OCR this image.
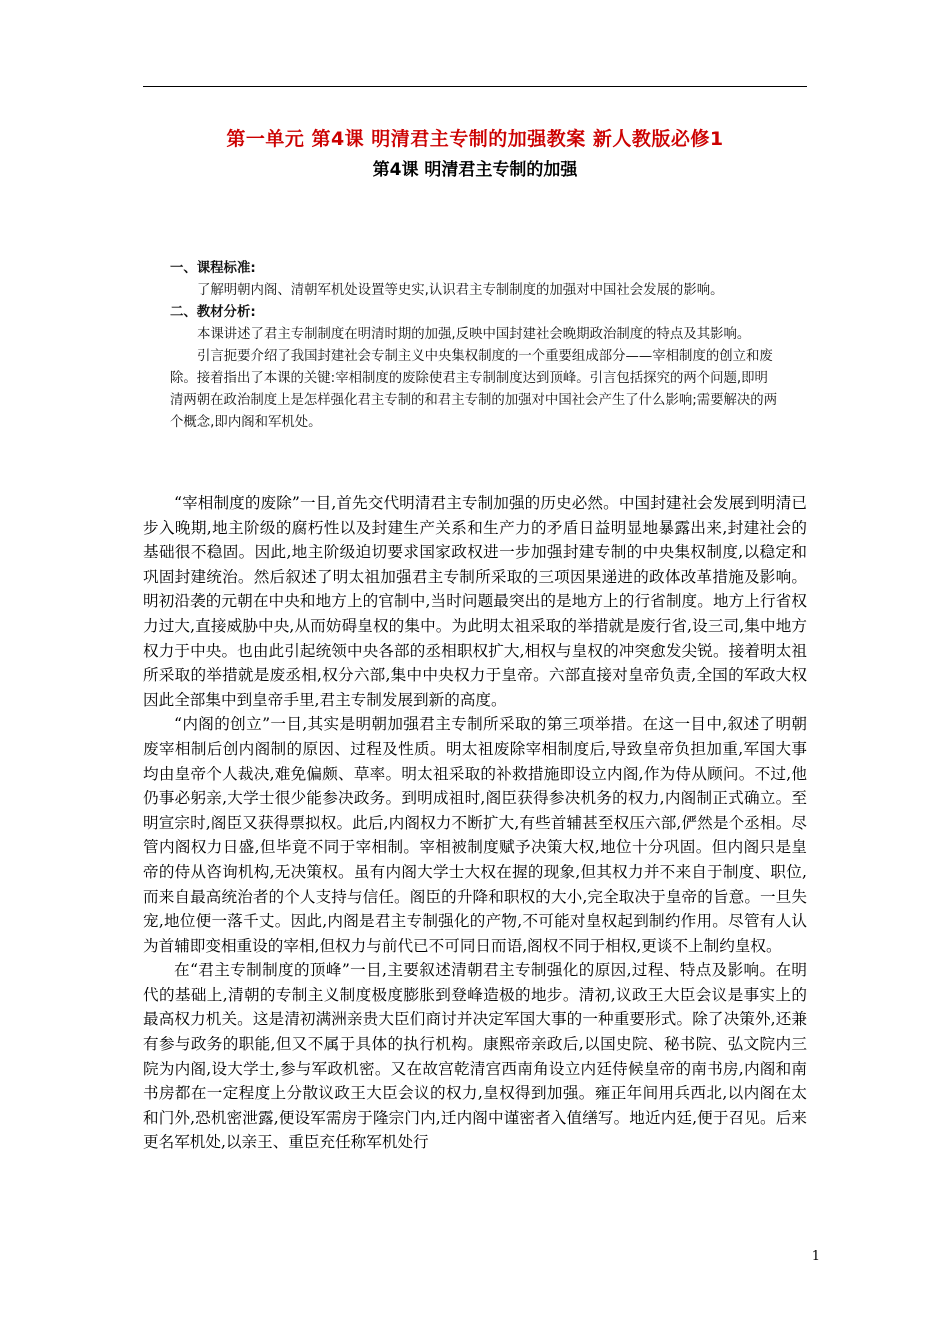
第一单元 第4课 明清君主专制的加强教案 新人教版必修1
第4课 明清君主专制的加强
一、课程标准:
了解明朝内阁、清朝军机处设置等史实,认识君主专制制度的加强对中国社会发展的影响。
二、教材分析:
本课讲述了君主专制制度在明清时期的加强,反映中国封建社会晚期政治制度的特点及其影响。
引言扼要介绍了我国封建社会专制主义中央集权制度的一个重要组成部分——宰相制度的创立和废除。接着指出了本课的关键:宰相制度的废除使君主专制制度达到顶峰。引言包括探究的两个问题,即明清两朝在政治制度上是怎样强化君主专制的和君主专制的加强对中国社会产生了什么影响;需要解决的两个概念,即内阁和军机处。

“宰相制度的废除”一目,首先交代明清君主专制加强的历史必然。中国封建社会发展到明清已步入晚期,地主阶级的腐朽性以及封建生产关系和生产力的矛盾日益明显地暴露出来,封建社会的基础很不稳固。因此,地主阶级迫切要求国家政权进一步加强封建专制的中央集权制度,以稳定和巩固封建统治。然后叙述了明太祖加强君主专制所采取的三项因果递进的政体改革措施及影响。明初沿袭的元朝在中央和地方上的官制中,当时问题最突出的是地方上的行省制度。地方上行省权力过大,直接威胁中央,从而妨碍皇权的集中。为此明太祖采取的举措就是废行省,设三司,集中地方权力于中央。也由此引起统领中央各部的丞相职权扩大,相权与皇权的冲突愈发尖锐。接着明太祖所采取的举措就是废丞相,权分六部,集中中央权力于皇帝。六部直接对皇帝负责,全国的军政大权因此全部集中到皇帝手里,君主专制发展到新的高度。

“内阁的创立”一目,其实是明朝加强君主专制所采取的第三项举措。在这一目中,叙述了明朝废宰相制后创内阁制的原因、过程及性质。明太祖废除宰相制度后,导致皇帝负担加重,军国大事均由皇帝个人裁决,难免偏颇、草率。明太祖采取的补救措施即设立内阁,作为侍从顾问。不过,他仍事必躬亲,大学士很少能参决政务。到明成祖时,阁臣获得参决机务的权力,内阁制正式确立。至明宣宗时,阁臣又获得票拟权。此后,内阁权力不断扩大,有些首辅甚至权压六部,俨然是个丞相。尽管内阁权力日盛,但毕竟不同于宰相制。宰相被制度赋予决策大权,地位十分巩固。但内阁只是皇帝的侍从咨询机构,无决策权。虽有内阁大学士大权在握的现象,但其权力并不来自于制度、职位,而来自最高统治者的个人支持与信任。阁臣的升降和职权的大小,完全取决于皇帝的旨意。一旦失宠,地位便一落千丈。因此,内阁是君主专制强化的产物,不可能对皇权起到制约作用。尽管有人认为首辅即变相重设的宰相,但权力与前代已不可同日而语,阁权不同于相权,更谈不上制约皇权。

在“君主专制制度的顶峰”一目,主要叙述清朝君主专制强化的原因,过程、特点及影响。在明代的基础上,清朝的专制主义制度极度膨胀到登峰造极的地步。清初,议政王大臣会议是事实上的最高权力机关。这是清初满洲亲贵大臣们商讨并决定军国大事的一种重要形式。除了决策外,还兼有参与政务的职能,但又不属于具体的执行机构。康熙帝亲政后,以国史院、秘书院、弘文院内三院为内阁,设大学士,参与军政机密。又在故宫乾清宫西南角设立内廷侍候皇帝的南书房,内阁和南书房都在一定程度上分散议政王大臣会议的权力,皇权得到加强。雍正年间用兵西北,以内阁在太和门外,恐机密泄露,便设军需房于隆宗门内,迁内阁中谨密者入值缮写。地近内廷,便于召见。后来更名军机处,以亲王、重臣充任称军机处行

1
